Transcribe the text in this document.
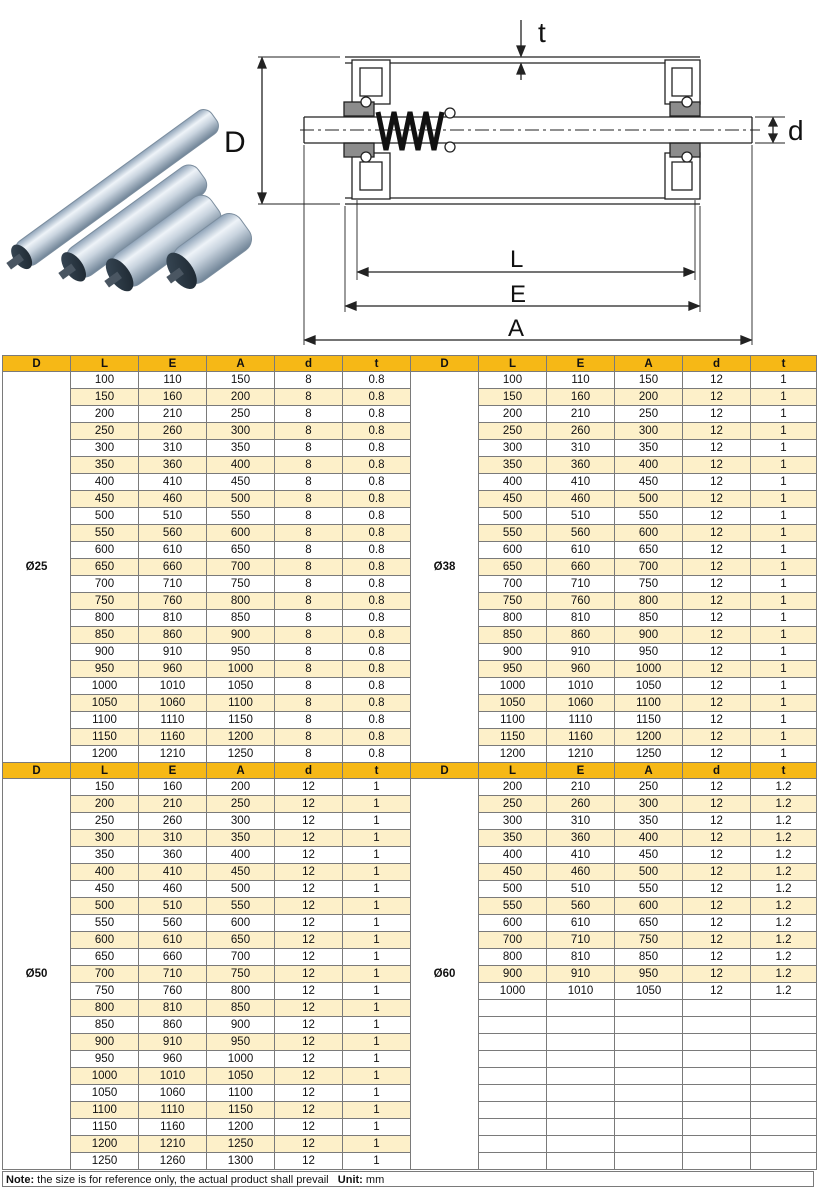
D
t
d
L
E
A
D	L	E	A	d	t	D	L	E	A	d	t
Ø25	100	110	150	8	0.8	Ø38	100	110	150	12	1
	150	160	200	8	0.8		150	160	200	12	1
	200	210	250	8	0.8		200	210	250	12	1
	250	260	300	8	0.8		250	260	300	12	1
	300	310	350	8	0.8		300	310	350	12	1
	350	360	400	8	0.8		350	360	400	12	1
	400	410	450	8	0.8		400	410	450	12	1
	450	460	500	8	0.8		450	460	500	12	1
	500	510	550	8	0.8		500	510	550	12	1
	550	560	600	8	0.8		550	560	600	12	1
	600	610	650	8	0.8		600	610	650	12	1
	650	660	700	8	0.8		650	660	700	12	1
	700	710	750	8	0.8		700	710	750	12	1
	750	760	800	8	0.8		750	760	800	12	1
	800	810	850	8	0.8		800	810	850	12	1
	850	860	900	8	0.8		850	860	900	12	1
	900	910	950	8	0.8		900	910	950	12	1
	950	960	1000	8	0.8		950	960	1000	12	1
	1000	1010	1050	8	0.8		1000	1010	1050	12	1
	1050	1060	1100	8	0.8		1050	1060	1100	12	1
	1100	1110	1150	8	0.8		1100	1110	1150	12	1
	1150	1160	1200	8	0.8		1150	1160	1200	12	1
	1200	1210	1250	8	0.8		1200	1210	1250	12	1
D	L	E	A	d	t	D	L	E	A	d	t
Ø50	150	160	200	12	1	Ø60	200	210	250	12	1.2
	200	210	250	12	1		250	260	300	12	1.2
	250	260	300	12	1		300	310	350	12	1.2
	300	310	350	12	1		350	360	400	12	1.2
	350	360	400	12	1		400	410	450	12	1.2
	400	410	450	12	1		450	460	500	12	1.2
	450	460	500	12	1		500	510	550	12	1.2
	500	510	550	12	1		550	560	600	12	1.2
	550	560	600	12	1		600	610	650	12	1.2
	600	610	650	12	1		700	710	750	12	1.2
	650	660	700	12	1		800	810	850	12	1.2
	700	710	750	12	1		900	910	950	12	1.2
	750	760	800	12	1		1000	1010	1050	12	1.2
	800	810	850	12	1						
	850	860	900	12	1						
	900	910	950	12	1						
	950	960	1000	12	1						
	1000	1010	1050	12	1						
	1050	1060	1100	12	1						
	1100	1110	1150	12	1						
	1150	1160	1200	12	1						
	1200	1210	1250	12	1						
	1250	1260	1300	12	1						
Note: the size is for reference only, the actual product shall prevail Unit: mm
